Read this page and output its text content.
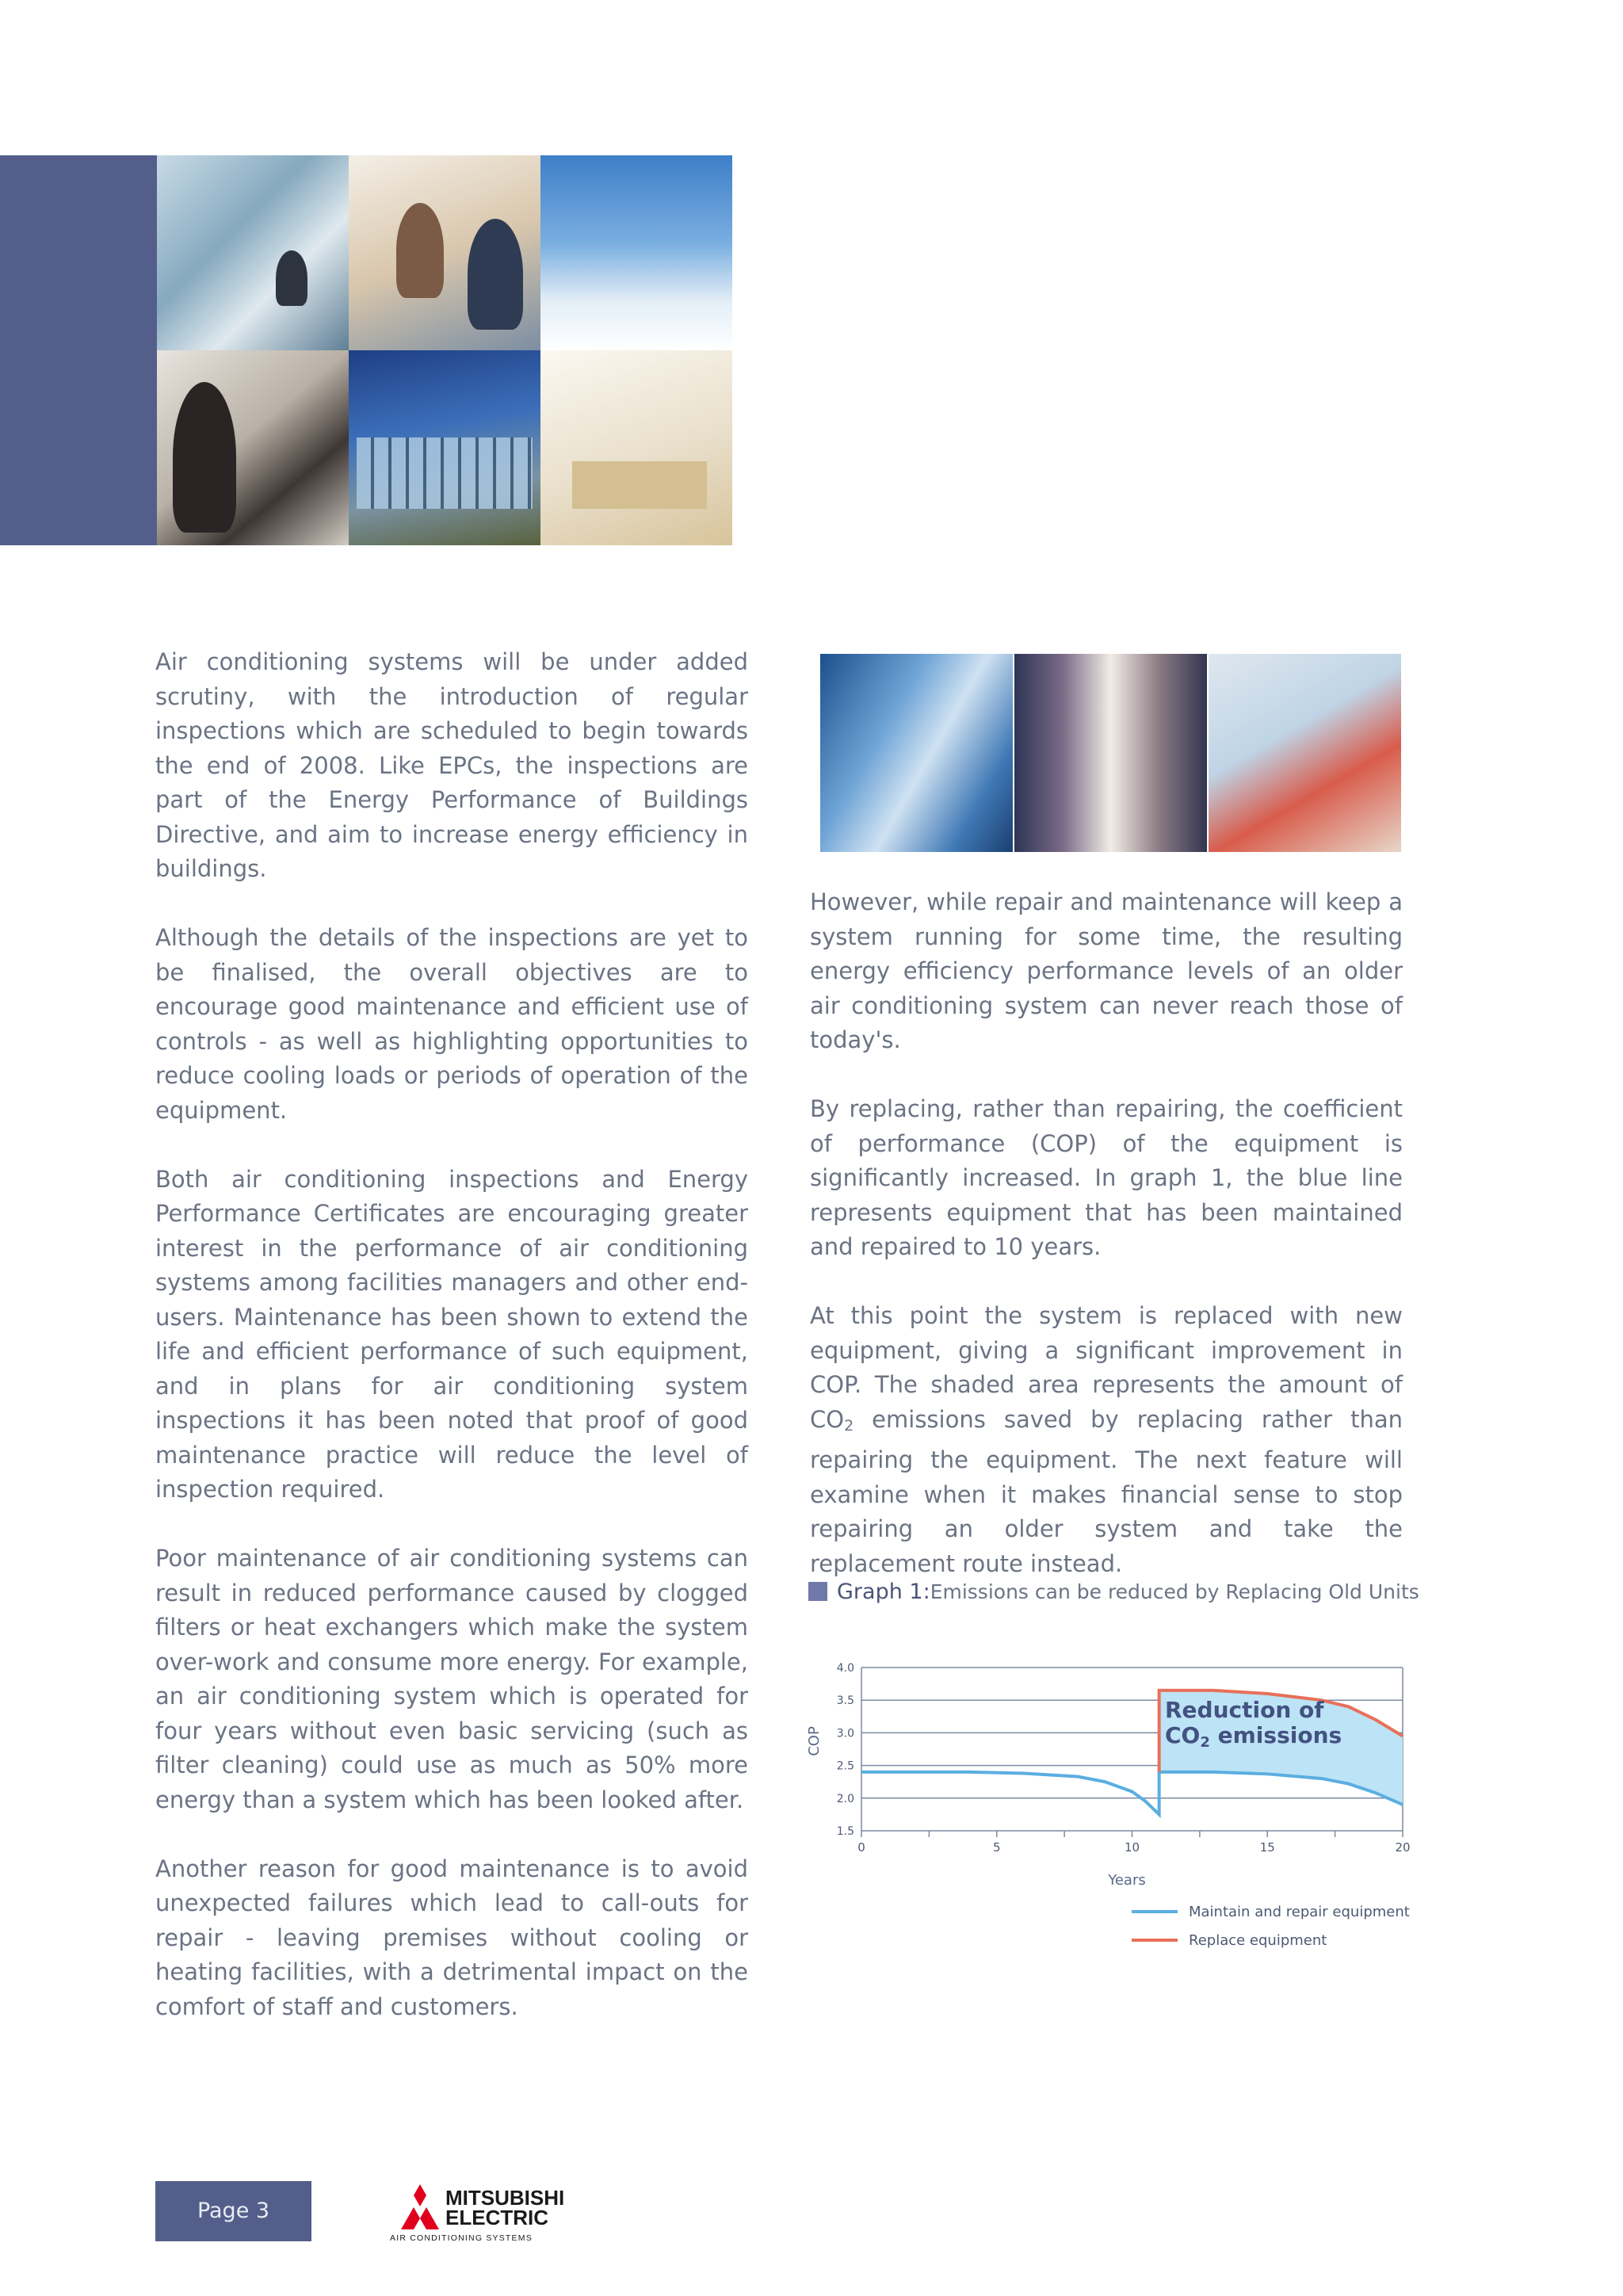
Air conditioning systems will be under added scrutiny, with the introduction of regular inspections which are scheduled to begin towards the end of 2008. Like EPCs, the inspections are part of the Energy Performance of Buildings Directive, and aim to increase energy efficiency in buildings.

Although the details of the inspections are yet to be finalised, the overall objectives are to encourage good maintenance and efficient use of controls - as well as highlighting opportunities to reduce cooling loads or periods of operation of the equipment.

Both air conditioning inspections and Energy Performance Certificates are encouraging greater interest in the performance of air conditioning systems among facilities managers and other end-users. Maintenance has been shown to extend the life and efficient performance of such equipment, and in plans for air conditioning system inspections it has been noted that proof of good maintenance practice will reduce the level of inspection required.

Poor maintenance of air conditioning systems can result in reduced performance caused by clogged filters or heat exchangers which make the system over-work and consume more energy. For example, an air conditioning system which is operated for four years without even basic servicing (such as filter cleaning) could use as much as 50% more energy than a system which has been looked after.

Another reason for good maintenance is to avoid unexpected failures which lead to call-outs for repair - leaving premises without cooling or heating facilities, with a detrimental impact on the comfort of staff and customers.

However, while repair and maintenance will keep a system running for some time, the resulting energy efficiency performance levels of an older air conditioning system can never reach those of today's.

By replacing, rather than repairing, the coefficient of performance (COP) of the equipment is significantly increased. In graph 1, the blue line represents equipment that has been maintained and repaired to 10 years.

At this point the system is replaced with new equipment, giving a significant improvement in COP. The shaded area represents the amount of $CO_2$ emissions saved by replacing rather than repairing the equipment. The next feature will examine when it makes financial sense to stop repairing an older system and take the replacement route instead.

Graph 1:Emissions can be reduced by Replacing Old Units
4.0
3.5
3.0
2.5
2.0
1.5
0	5	10	15	20
COP
Years
Reduction of
CO2 emissions
Maintain and repair equipment
Replace equipment
Page 3
MITSUBISHI
ELECTRIC
AIR CONDITIONING SYSTEMS
